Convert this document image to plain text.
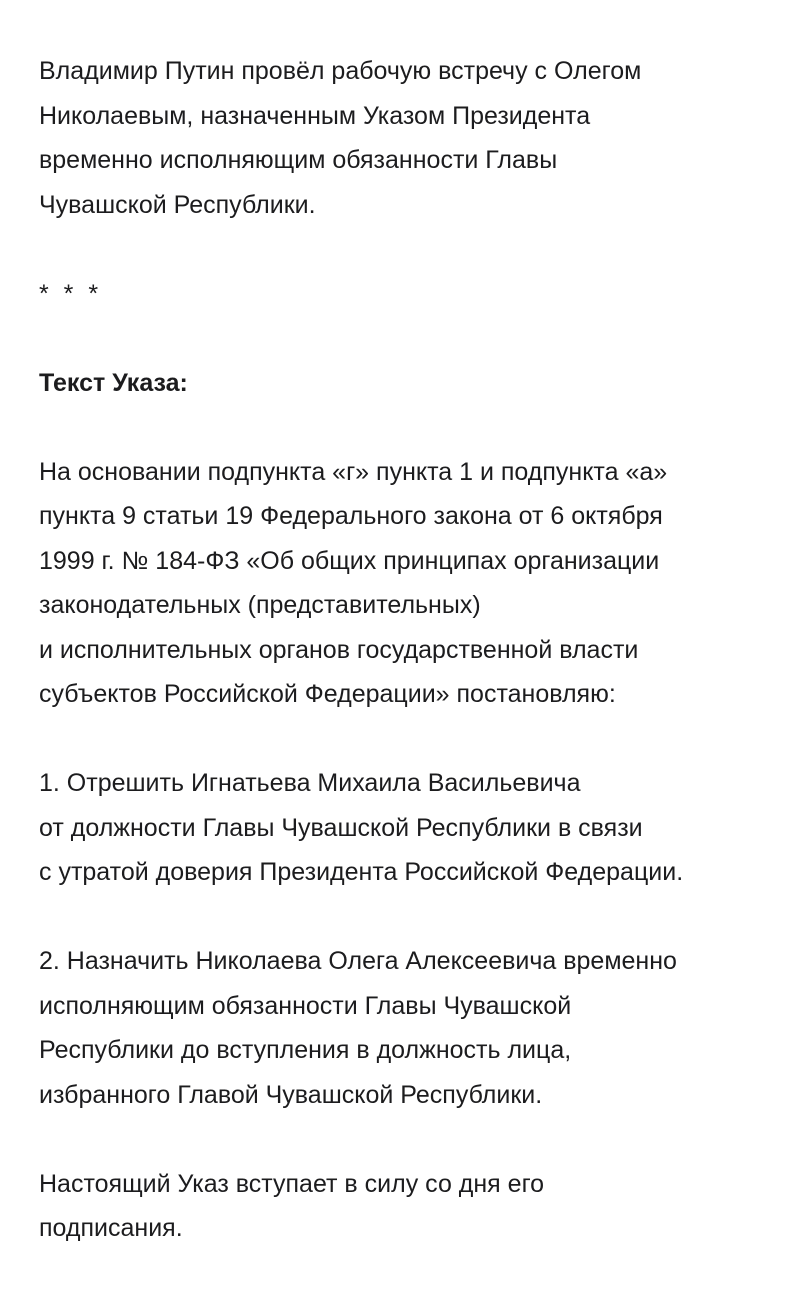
Владимир Путин провёл рабочую встречу с Олегом
Николаевым, назначенным Указом Президента
временно исполняющим обязанности Главы
Чувашской Республики.

* * *

Текст Указа:

На основании подпункта «г» пункта 1 и подпункта «а»
пункта 9 статьи 19 Федерального закона от 6 октября
1999 г. № 184-ФЗ «Об общих принципах организации
законодательных (представительных)
и исполнительных органов государственной власти
субъектов Российской Федерации» постановляю:

1. Отрешить Игнатьева Михаила Васильевича
от должности Главы Чувашской Республики в связи
с утратой доверия Президента Российской Федерации.

2. Назначить Николаева Олега Алексеевича временно
исполняющим обязанности Главы Чувашской
Республики до вступления в должность лица,
избранного Главой Чувашской Республики.

Настоящий Указ вступает в силу со дня его
подписания.
